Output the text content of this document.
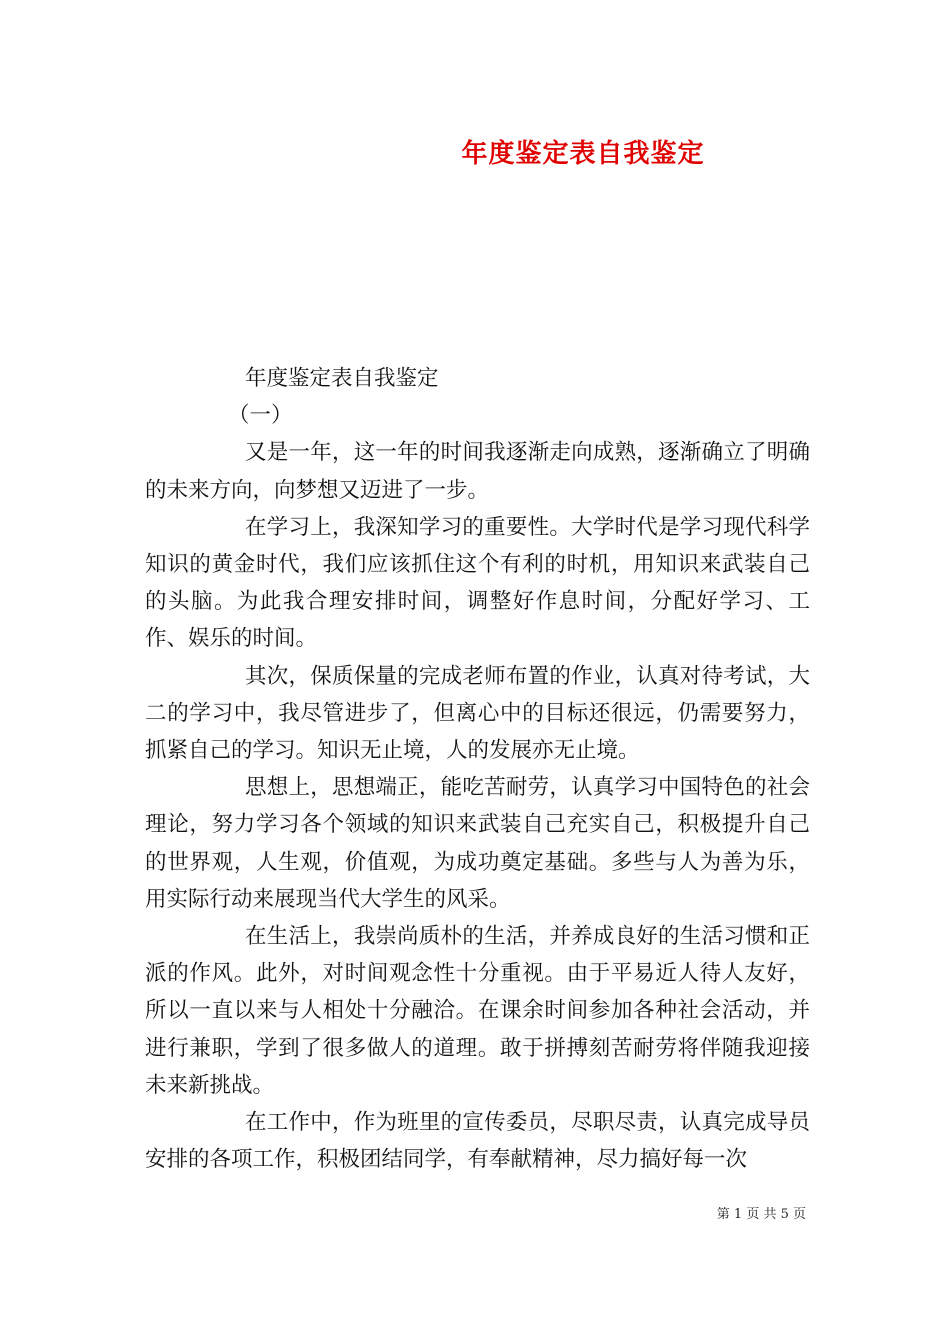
年度鉴定表自我鉴定

年度鉴定表自我鉴定

（一）

又是一年，这一年的时间我逐渐走向成熟，逐渐确立了明确的未来方向，向梦想又迈进了一步。

在学习上，我深知学习的重要性。大学时代是学习现代科学知识的黄金时代，我们应该抓住这个有利的时机，用知识来武装自己的头脑。为此我合理安排时间，调整好作息时间，分配好学习、工作、娱乐的时间。

其次，保质保量的完成老师布置的作业，认真对待考试，大二的学习中，我尽管进步了，但离心中的目标还很远，仍需要努力，抓紧自己的学习。知识无止境，人的发展亦无止境。

思想上，思想端正，能吃苦耐劳，认真学习中国特色的社会理论，努力学习各个领域的知识来武装自己充实自己，积极提升自己的世界观，人生观，价值观，为成功奠定基础。多些与人为善为乐，用实际行动来展现当代大学生的风采。

在生活上，我崇尚质朴的生活，并养成良好的生活习惯和正派的作风。此外，对时间观念性十分重视。由于平易近人待人友好，所以一直以来与人相处十分融洽。在课余时间参加各种社会活动，并进行兼职，学到了很多做人的道理。敢于拼搏刻苦耐劳将伴随我迎接未来新挑战。

在工作中，作为班里的宣传委员，尽职尽责，认真完成导员安排的各项工作，积极团结同学，有奉献精神，尽力搞好每一次

第 1 页 共 5 页
